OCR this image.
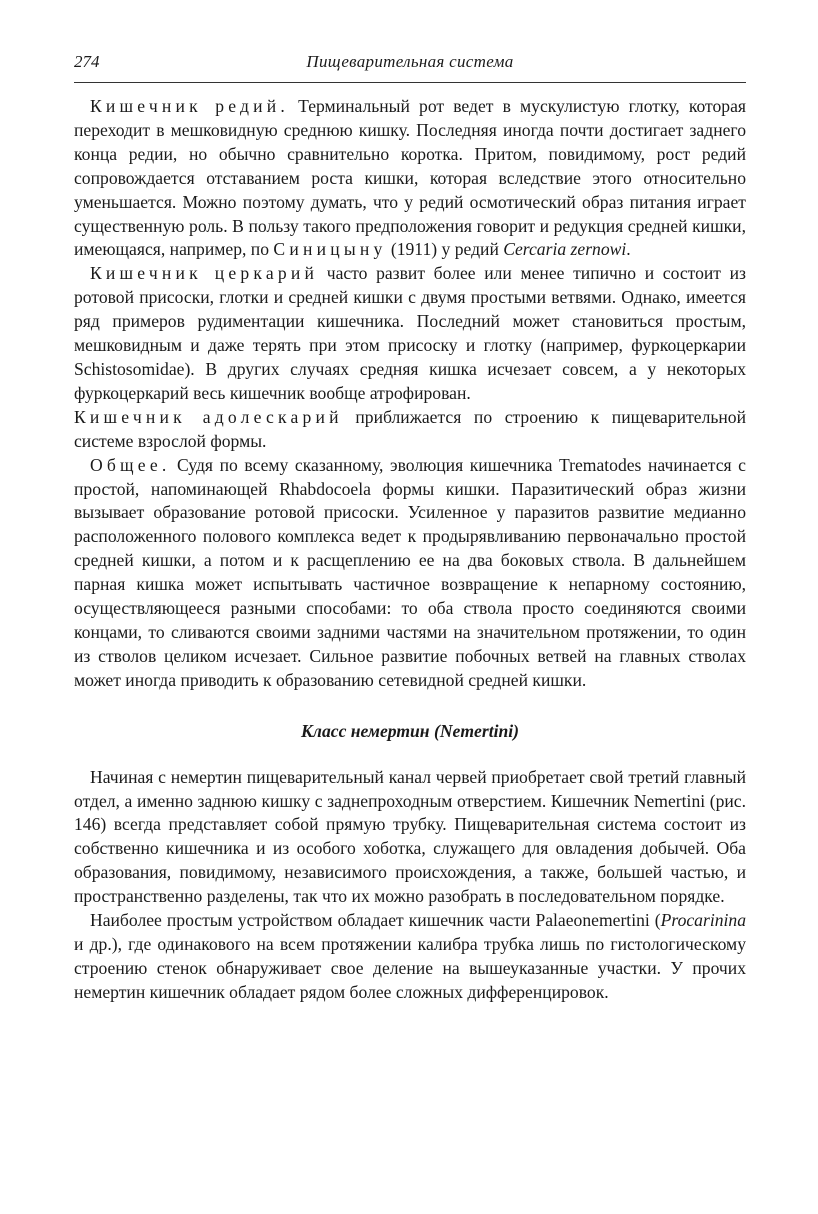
274	Пищеварительная система

Кишечник редий. Терминальный рот ведет в мускулистую глотку, которая переходит в мешковидную среднюю кишку. Последняя иногда почти достигает заднего конца редии, но обычно сравнительно коротка. Притом, повидимому, рост редий сопровождается отставанием роста кишки, которая вследствие этого относительно уменьшается. Можно поэтому думать, что у редий осмотический образ питания играет существенную роль. В пользу такого предположения говорит и редукция средней кишки, имеющаяся, например, по Синицыну (1911) у редий Cercaria zernowi.

Кишечник церкарий часто развит более или менее типично и состоит из ротовой присоски, глотки и средней кишки с двумя простыми ветвями. Однако, имеется ряд примеров рудиментации кишечника. Последний может становиться простым, мешковидным и даже терять при этом присоску и глотку (например, фуркоцеркарии Schistosomidae). В других случаях средняя кишка исчезает совсем, а у некоторых фуркоцеркарий весь кишечник вообще атрофирован.

Кишечник адолескарий приближается по строению к пищеварительной системе взрослой формы.

Общее. Судя по всему сказанному, эволюция кишечника Trematodes начинается с простой, напоминающей Rhabdocoela формы кишки. Паразитический образ жизни вызывает образование ротовой присоски. Усиленное у паразитов развитие медианно расположенного полового комплекса ведет к продырявливанию первоначально простой средней кишки, а потом и к расщеплению ее на два боковых ствола. В дальнейшем парная кишка может испытывать частичное возвращение к непарному состоянию, осуществляющееся разными способами: то оба ствола просто соединяются своими концами, то сливаются своими задними частями на значительном протяжении, то один из стволов целиком исчезает. Сильное развитие побочных ветвей на главных стволах может иногда приводить к образованию сетевидной средней кишки.

Класс немертин (Nemertini)

Начиная с немертин пищеварительный канал червей приобретает свой третий главный отдел, а именно заднюю кишку с заднепроходным отверстием. Кишечник Nemertini (рис. 146) всегда представляет собой прямую трубку. Пищеварительная система состоит из собственно кишечника и из особого хоботка, служащего для овладения добычей. Оба образования, повидимому, независимого происхождения, а также, большей частью, и пространственно разделены, так что их можно разобрать в последовательном порядке.

Наиболее простым устройством обладает кишечник части Palaeonemertini (Procarinina и др.), где одинакового на всем протяжении калибра трубка лишь по гистологическому строению стенок обнаруживает свое деление на вышеуказанные участки. У прочих немертин кишечник обладает рядом более сложных дифференцировок.
